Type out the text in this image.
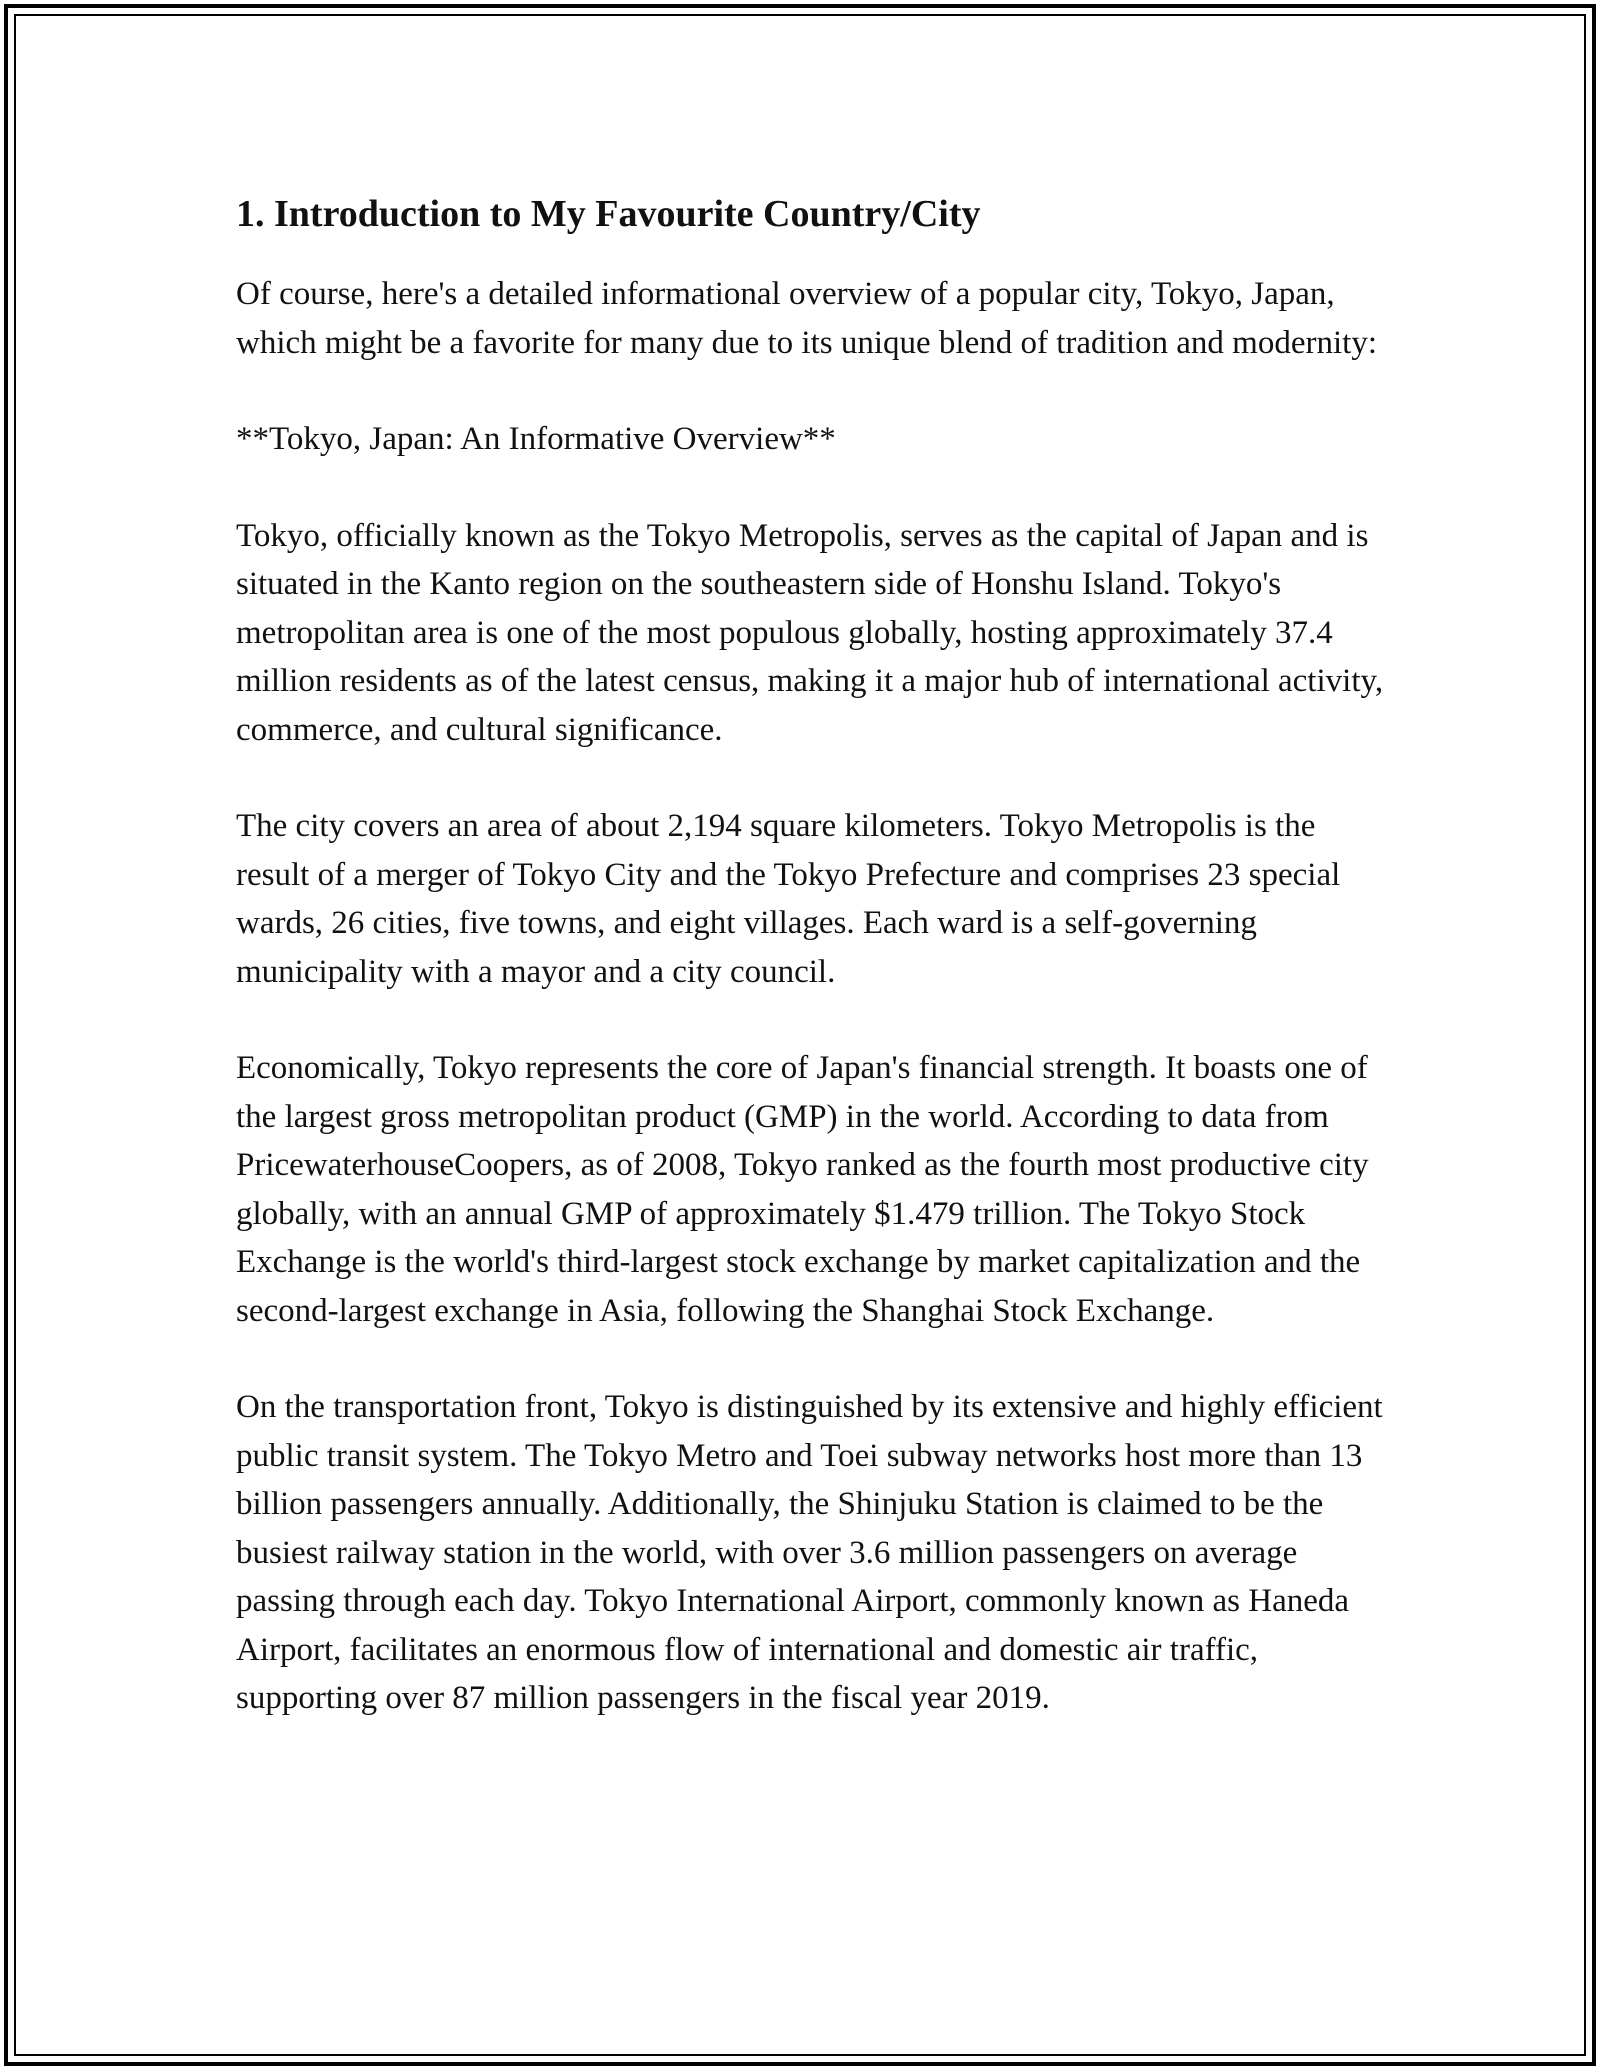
1. Introduction to My Favourite Country/City

Of course, here's a detailed informational overview of a popular city, Tokyo, Japan, which might be a favorite for many due to its unique blend of tradition and modernity:

**Tokyo, Japan: An Informative Overview**

Tokyo, officially known as the Tokyo Metropolis, serves as the capital of Japan and is situated in the Kanto region on the southeastern side of Honshu Island. Tokyo's metropolitan area is one of the most populous globally, hosting approximately 37.4 million residents as of the latest census, making it a major hub of international activity, commerce, and cultural significance.

The city covers an area of about 2,194 square kilometers. Tokyo Metropolis is the result of a merger of Tokyo City and the Tokyo Prefecture and comprises 23 special wards, 26 cities, five towns, and eight villages. Each ward is a self-governing municipality with a mayor and a city council.

Economically, Tokyo represents the core of Japan's financial strength. It boasts one of the largest gross metropolitan product (GMP) in the world. According to data from PricewaterhouseCoopers, as of 2008, Tokyo ranked as the fourth most productive city globally, with an annual GMP of approximately $1.479 trillion. The Tokyo Stock Exchange is the world's third-largest stock exchange by market capitalization and the second-largest exchange in Asia, following the Shanghai Stock Exchange.

On the transportation front, Tokyo is distinguished by its extensive and highly efficient public transit system. The Tokyo Metro and Toei subway networks host more than 13 billion passengers annually. Additionally, the Shinjuku Station is claimed to be the busiest railway station in the world, with over 3.6 million passengers on average passing through each day. Tokyo International Airport, commonly known as Haneda Airport, facilitates an enormous flow of international and domestic air traffic, supporting over 87 million passengers in the fiscal year 2019.
